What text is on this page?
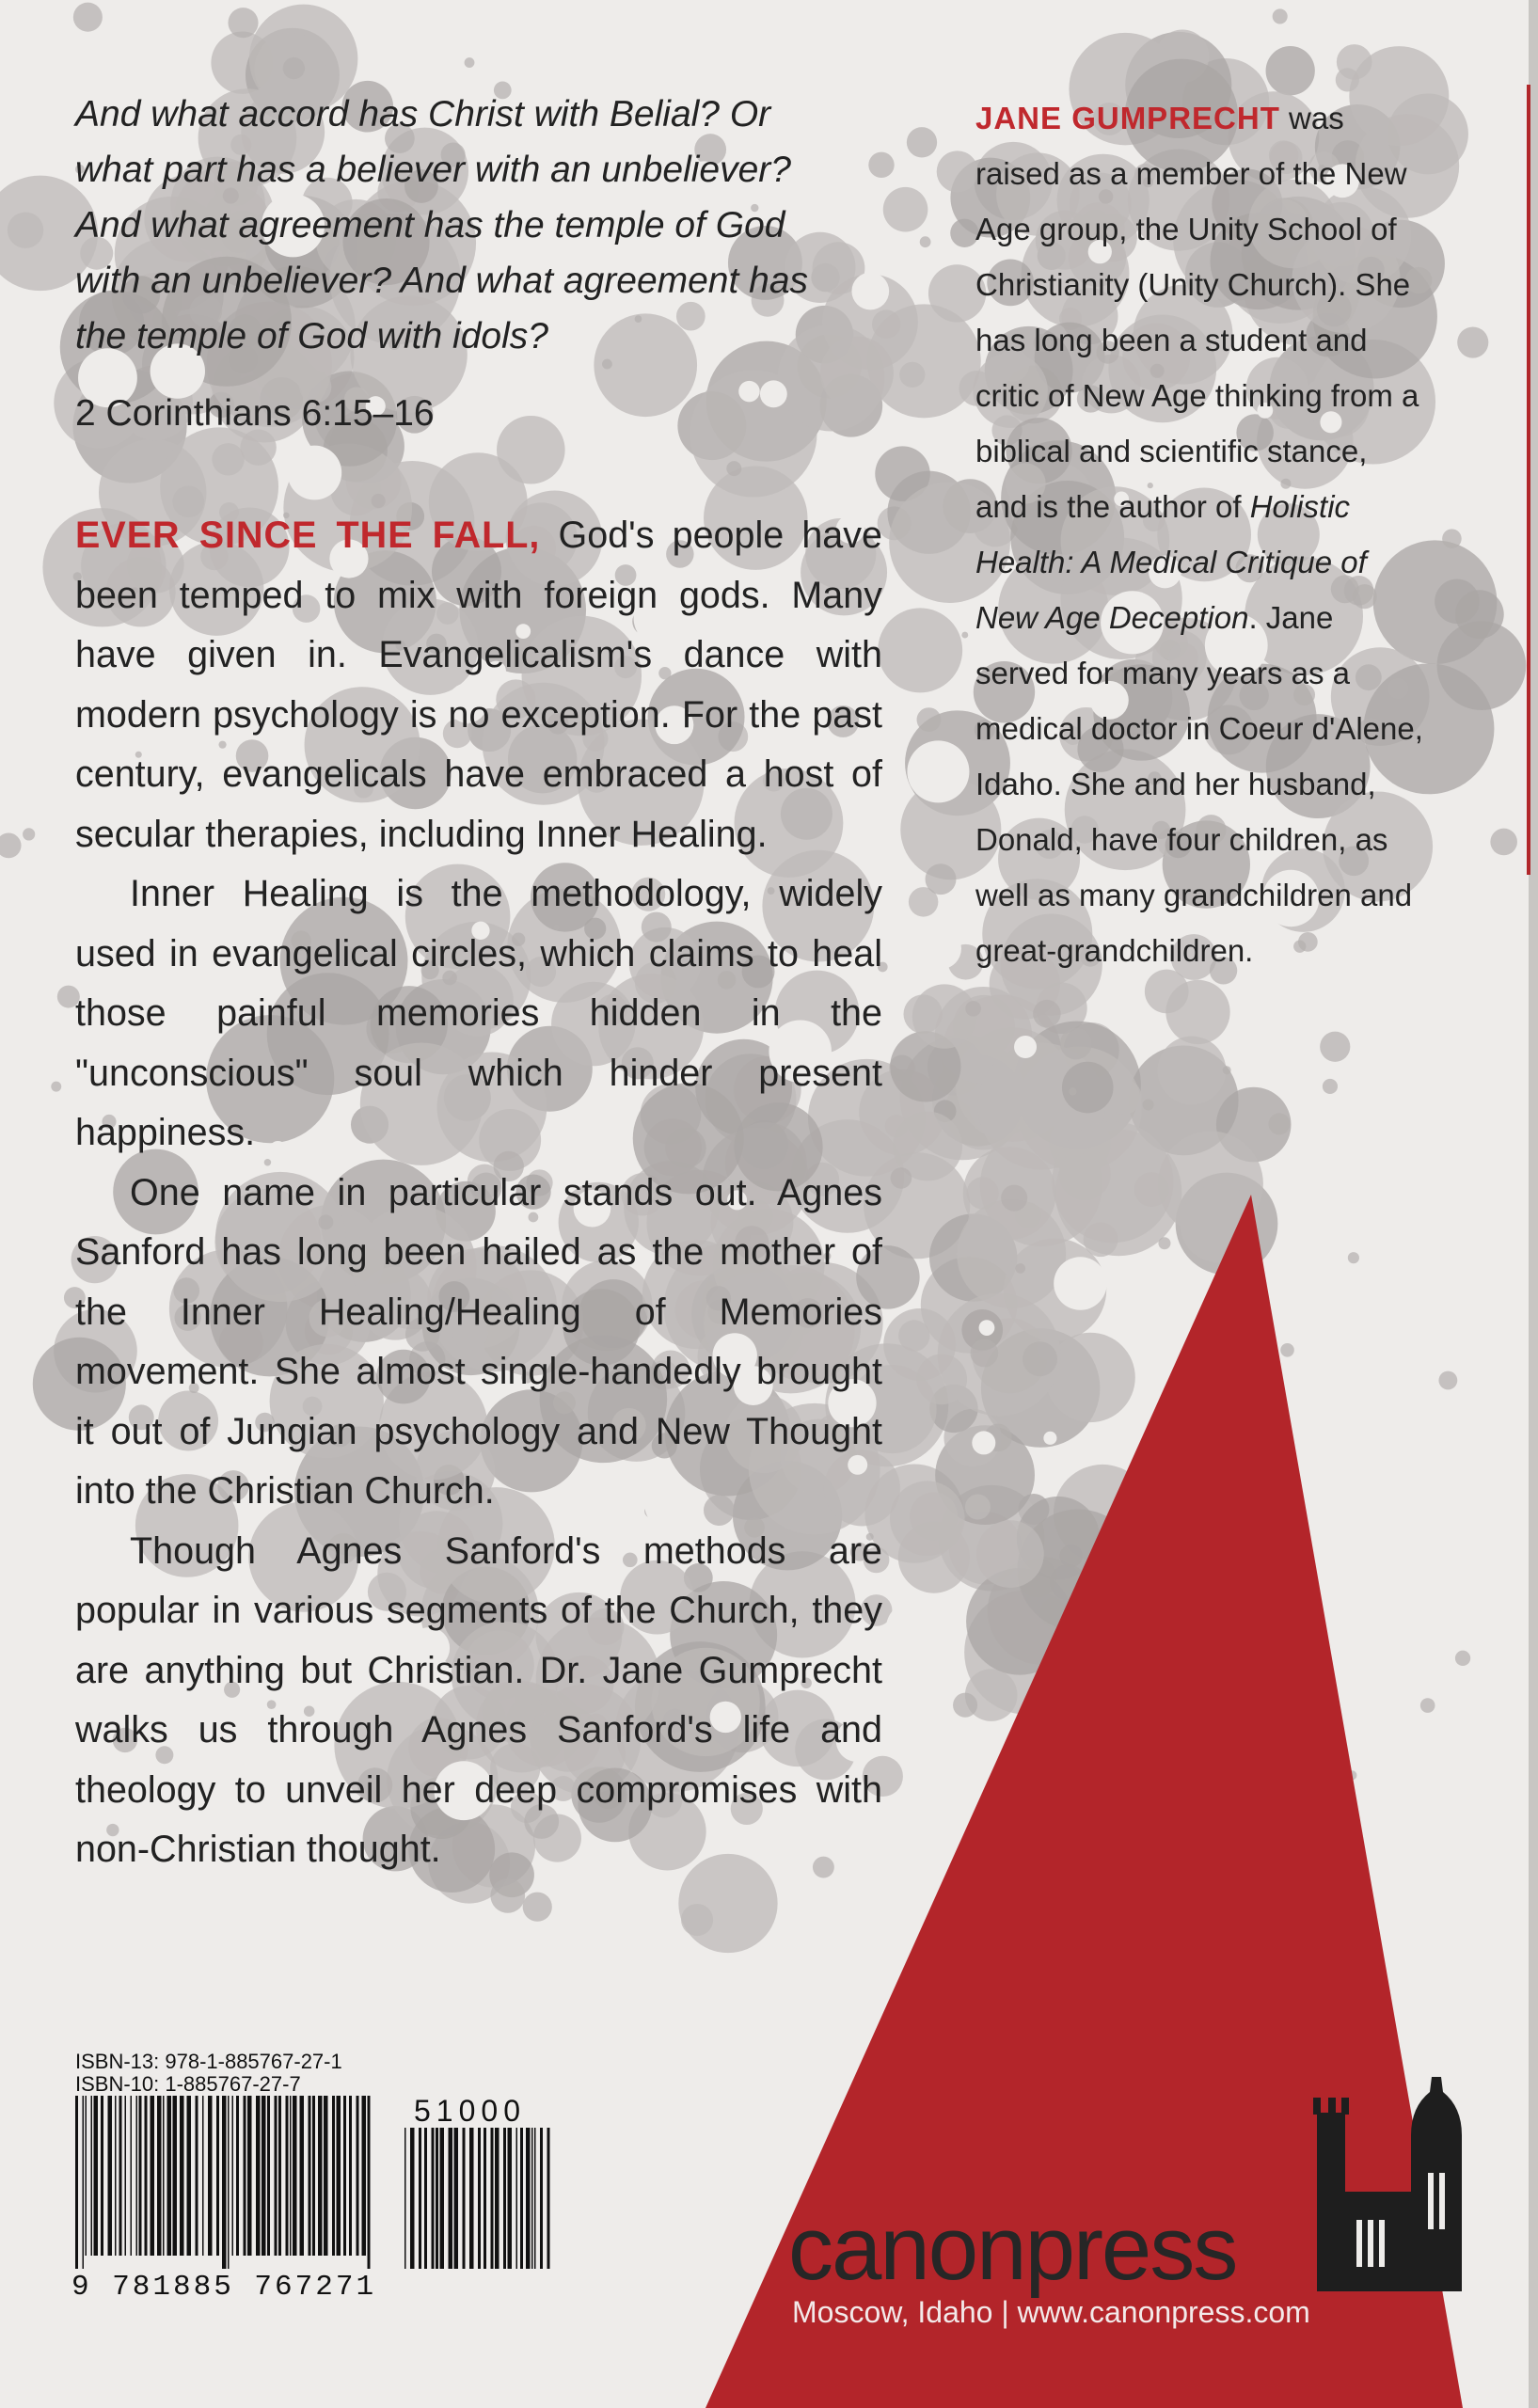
And what accord has Christ with Belial? Or
what part has a believer with an unbeliever?
And what agreement has the temple of God
with an unbeliever? And what agreement has
the temple of God with idols?
2 Corinthians 6:15–16

EVER SINCE THE FALL, God's people have been temped to mix with foreign gods. Many have given in. Evangelicalism's dance with modern psychology is no exception. For the past century, evangelicals have embraced a host of secular therapies, including Inner Healing.

Inner Healing is the methodology, widely used in evangelical circles, which claims to heal those painful memories hidden in the "unconscious" soul which hinder present happiness.

One name in particular stands out. Agnes Sanford has long been hailed as the mother of the Inner Healing/Healing of Memories movement. She almost single-handedly brought it out of Jungian psychology and New Thought into the Christian Church.

Though Agnes Sanford's methods are popular in various segments of the Church, they are anything but Christian. Dr. Jane Gumprecht walks us through Agnes Sanford's life and theology to unveil her deep compromises with non-Christian thought.

JANE GUMPRECHT was raised as a member of the New Age group, the Unity School of Christianity (Unity Church). She has long been a student and critic of New Age thinking from a biblical and scientific stance, and is the author of Holistic Health: A Medical Critique of New Age Deception. Jane served for many years as a medical doctor in Coeur d'Alene, Idaho. She and her husband, Donald, have four children, as well as many grandchildren and great-grandchildren.
ISBN-13: 978-1-885767-27-1
ISBN-10: 1-885767-27-7
51000
9 781885 767271	canonpress
Moscow, Idaho | www.canonpress.com
